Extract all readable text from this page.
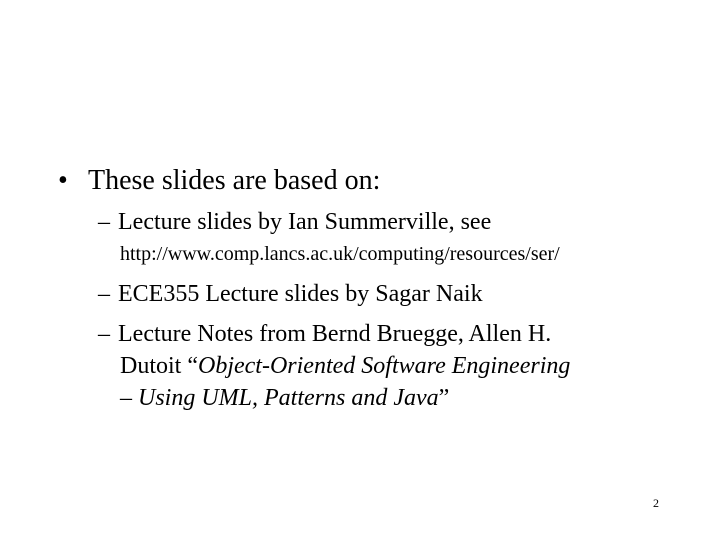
• These slides are based on:
– Lecture slides by Ian Summerville, see
http://www.comp.lancs.ac.uk/computing/resources/ser/
– ECE355 Lecture slides by Sagar Naik
– Lecture Notes from Bernd Bruegge, Allen H.
Dutoit “Object-Oriented Software Engineering
– Using UML, Patterns and Java”
2
